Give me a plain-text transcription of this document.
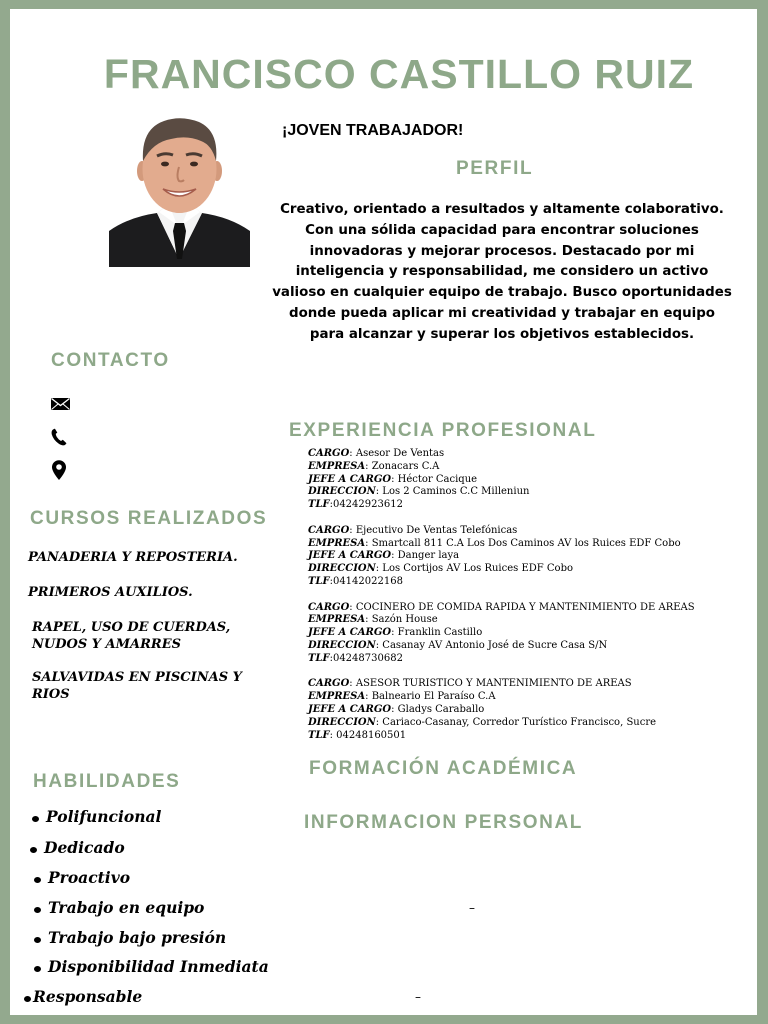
FRANCISCO CASTILLO RUIZ
¡JOVEN TRABAJADOR!
PERFIL
Creativo, orientado a resultados y altamente colaborativo. Con una sólida capacidad para encontrar soluciones innovadoras y mejorar procesos. Destacado por mi inteligencia y responsabilidad, me considero un activo valioso en cualquier equipo de trabajo. Busco oportunidades donde pueda aplicar mi creatividad y trabajar en equipo para alcanzar y superar los objetivos establecidos.
CONTACTO
CURSOS REALIZADOS
PANADERIA Y REPOSTERIA.
PRIMEROS AUXILIOS.
RAPEL, USO DE CUERDAS, NUDOS Y AMARRES
SALVAVIDAS EN PISCINAS Y RIOS
EXPERIENCIA PROFESIONAL
CARGO: Asesor De Ventas
EMPRESA: Zonacars C.A
JEFE A CARGO: Héctor Cacique
DIRECCION: Los 2 Caminos C.C Milleniun
TLF:04242923612
CARGO: Ejecutivo De Ventas Telefónicas
EMPRESA: Smartcall 811 C.A Los Dos Caminos AV los Ruices EDF Cobo
JEFE A CARGO: Danger laya
DIRECCION: Los Cortijos AV Los Ruices EDF Cobo
TLF:04142022168
CARGO: COCINERO DE COMIDA RAPIDA Y MANTENIMIENTO DE AREAS
EMPRESA: Sazón House
JEFE A CARGO: Franklin Castillo
DIRECCION: Casanay AV Antonio José de Sucre Casa S/N
TLF:04248730682
CARGO: ASESOR TURISTICO Y MANTENIMIENTO DE AREAS
EMPRESA: Balneario El Paraíso C.A
JEFE A CARGO: Gladys Caraballo
DIRECCION: Cariaco-Casanay, Corredor Turístico Francisco, Sucre
TLF: 04248160501
FORMACIÓN ACADÉMICA
INFORMACION PERSONAL
–
–
HABILIDADES
Polifuncional
Dedicado
Proactivo
Trabajo en equipo
Trabajo bajo presión
Disponibilidad Inmediata
Responsable
